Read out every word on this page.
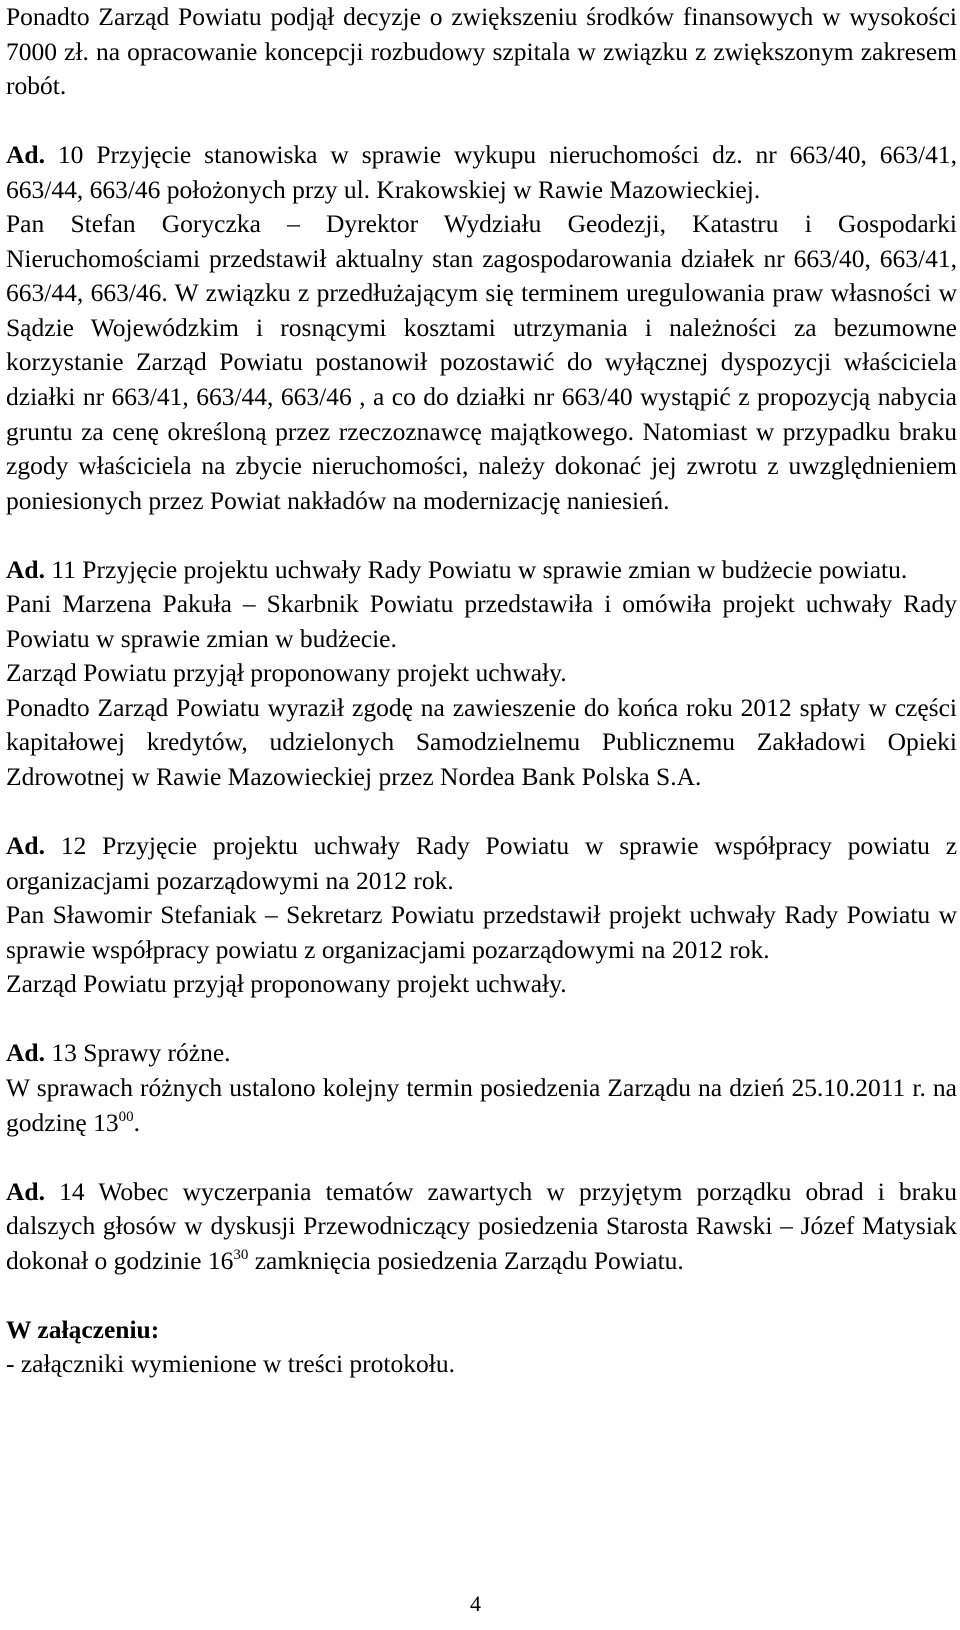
Ponadto Zarząd Powiatu podjął decyzje o zwiększeniu środków finansowych w wysokości 7000 zł. na opracowanie koncepcji rozbudowy szpitala w związku z zwiększonym zakresem robót.

Ad. 10 Przyjęcie stanowiska w sprawie wykupu nieruchomości dz. nr 663/40, 663/41, 663/44, 663/46 położonych przy ul. Krakowskiej w Rawie Mazowieckiej.

Pan Stefan Goryczka – Dyrektor Wydziału Geodezji, Katastru i Gospodarki Nieruchomościami przedstawił aktualny stan zagospodarowania działek nr 663/40, 663/41, 663/44, 663/46. W związku z przedłużającym się terminem uregulowania praw własności w Sądzie Wojewódzkim i rosnącymi kosztami utrzymania i należności za bezumowne korzystanie Zarząd Powiatu postanowił pozostawić do wyłącznej dyspozycji właściciela działki nr 663/41, 663/44, 663/46 , a co do działki nr 663/40 wystąpić z propozycją nabycia gruntu za cenę określoną przez rzeczoznawcę majątkowego. Natomiast w przypadku braku zgody właściciela na zbycie nieruchomości, należy dokonać jej zwrotu z uwzględnieniem poniesionych przez Powiat nakładów na modernizację naniesień.

Ad. 11 Przyjęcie projektu uchwały Rady Powiatu w sprawie zmian w budżecie powiatu.

Pani Marzena Pakuła – Skarbnik Powiatu przedstawiła i omówiła projekt uchwały Rady Powiatu w sprawie zmian w budżecie.

Zarząd Powiatu przyjął proponowany projekt uchwały.

Ponadto Zarząd Powiatu wyraził zgodę na zawieszenie do końca roku 2012 spłaty w części kapitałowej kredytów, udzielonych Samodzielnemu Publicznemu Zakładowi Opieki Zdrowotnej w Rawie Mazowieckiej przez Nordea Bank Polska S.A.

Ad. 12 Przyjęcie projektu uchwały Rady Powiatu w sprawie współpracy powiatu z organizacjami pozarządowymi na 2012 rok.

Pan Sławomir Stefaniak – Sekretarz Powiatu przedstawił projekt uchwały Rady Powiatu w sprawie współpracy powiatu z organizacjami pozarządowymi na 2012 rok.

Zarząd Powiatu przyjął proponowany projekt uchwały.

Ad. 13 Sprawy różne.

W sprawach różnych ustalono kolejny termin posiedzenia Zarządu na dzień 25.10.2011 r. na godzinę $13^{00}$.

Ad. 14 Wobec wyczerpania tematów zawartych w przyjętym porządku obrad i braku dalszych głosów w dyskusji Przewodniczący posiedzenia Starosta Rawski – Józef Matysiak dokonał o godzinie $16^{30}$ zamknięcia posiedzenia Zarządu Powiatu.

W załączeniu:

- załączniki wymienione w treści protokołu.

4
